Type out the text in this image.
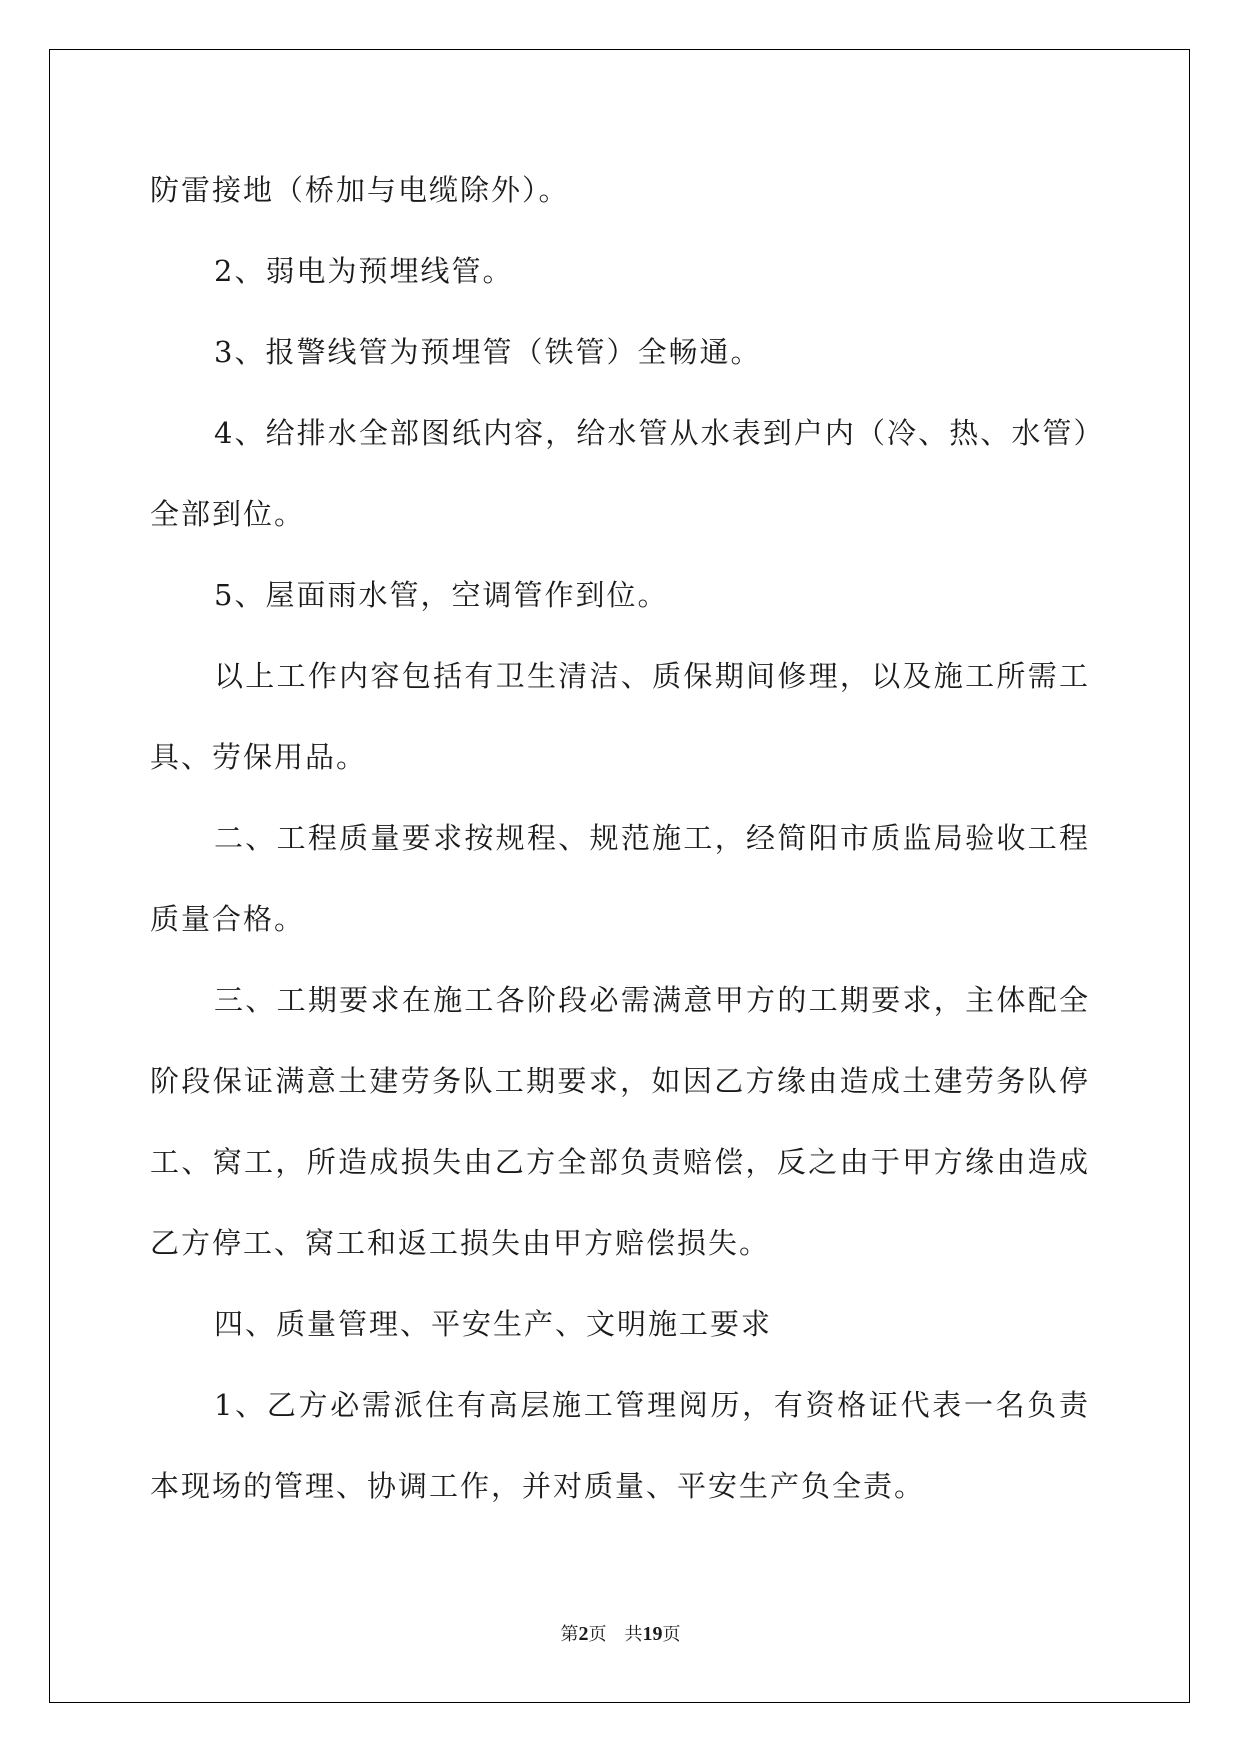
防雷接地（桥加与电缆除外）。

2、弱电为预埋线管。

3、报警线管为预埋管（铁管）全畅通。

4、给排水全部图纸内容，给水管从水表到户内（冷、热、水管）全部到位。

5、屋面雨水管，空调管作到位。

以上工作内容包括有卫生清洁、质保期间修理，以及施工所需工具、劳保用品。

二、工程质量要求按规程、规范施工，经简阳市质监局验收工程质量合格。

三、工期要求在施工各阶段必需满意甲方的工期要求，主体配全阶段保证满意土建劳务队工期要求，如因乙方缘由造成土建劳务队停工、窝工，所造成损失由乙方全部负责赔偿，反之由于甲方缘由造成乙方停工、窝工和返工损失由甲方赔偿损失。

四、质量管理、平安生产、文明施工要求

1、乙方必需派住有高层施工管理阅历，有资格证代表一名负责本现场的管理、协调工作，并对质量、平安生产负全责。

第2页 共19页
